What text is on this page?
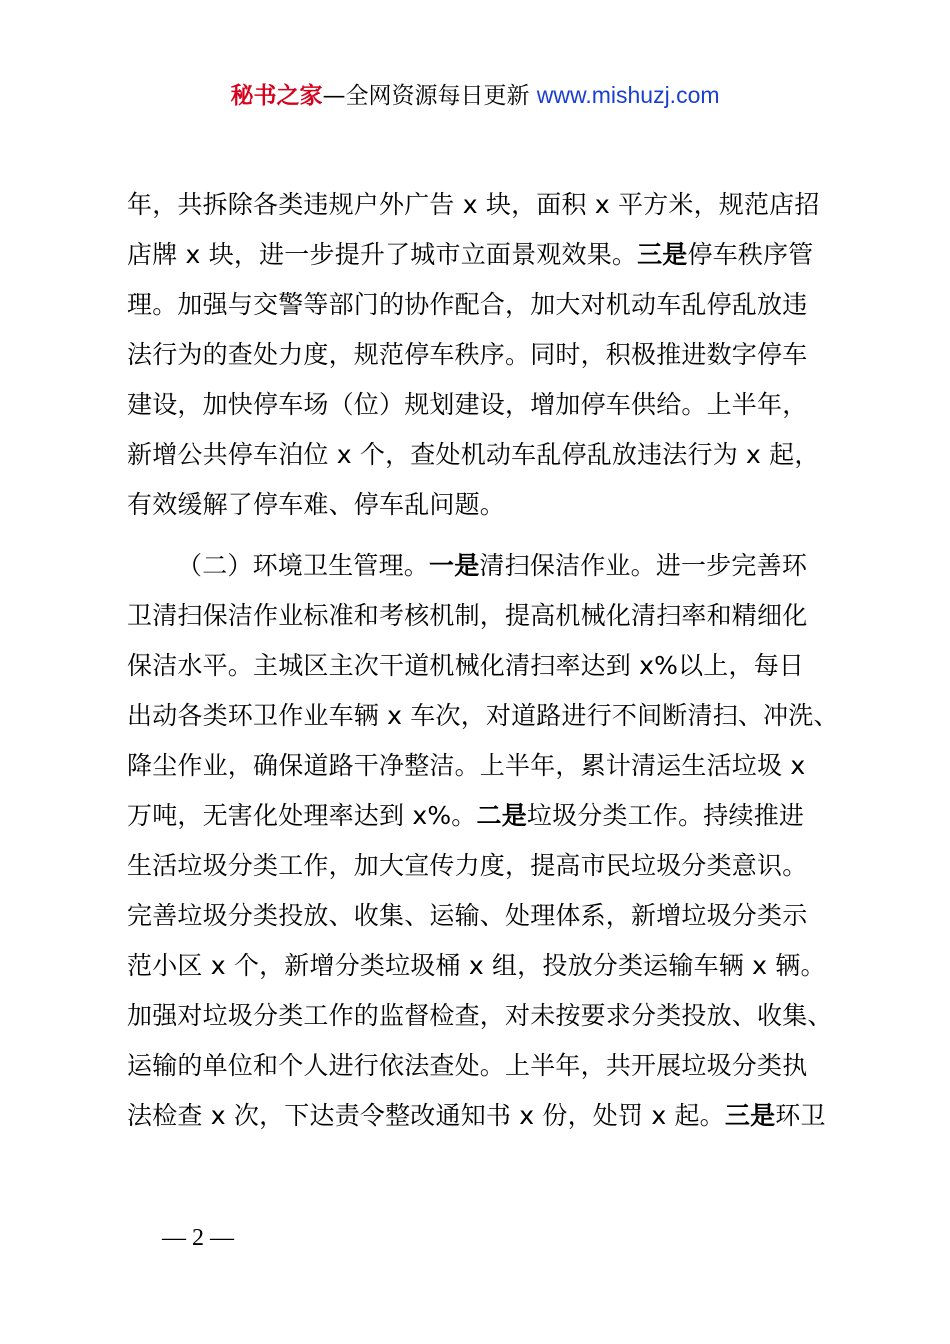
秘书之家—全网资源每日更新 www.mishuzj.com
年，共拆除各类违规户外广告 x 块，面积 x 平方米，规范店招
店牌 x 块，进一步提升了城市立面景观效果。三是停车秩序管
理。加强与交警等部门的协作配合，加大对机动车乱停乱放违
法行为的查处力度，规范停车秩序。同时，积极推进数字停车
建设，加快停车场（位）规划建设，增加停车供给。上半年，
新增公共停车泊位 x 个，查处机动车乱停乱放违法行为 x 起，
有效缓解了停车难、停车乱问题。
（二）环境卫生管理。一是清扫保洁作业。进一步完善环
卫清扫保洁作业标准和考核机制，提高机械化清扫率和精细化
保洁水平。主城区主次干道机械化清扫率达到 x%以上，每日
出动各类环卫作业车辆 x 车次，对道路进行不间断清扫、冲洗、
降尘作业，确保道路干净整洁。上半年，累计清运生活垃圾 x
万吨，无害化处理率达到 x%。二是垃圾分类工作。持续推进
生活垃圾分类工作，加大宣传力度，提高市民垃圾分类意识。
完善垃圾分类投放、收集、运输、处理体系，新增垃圾分类示
范小区 x 个，新增分类垃圾桶 x 组，投放分类运输车辆 x 辆。
加强对垃圾分类工作的监督检查，对未按要求分类投放、收集、
运输的单位和个人进行依法查处。上半年，共开展垃圾分类执
法检查 x 次，下达责令整改通知书 x 份，处罚 x 起。三是环卫
— 2 —
